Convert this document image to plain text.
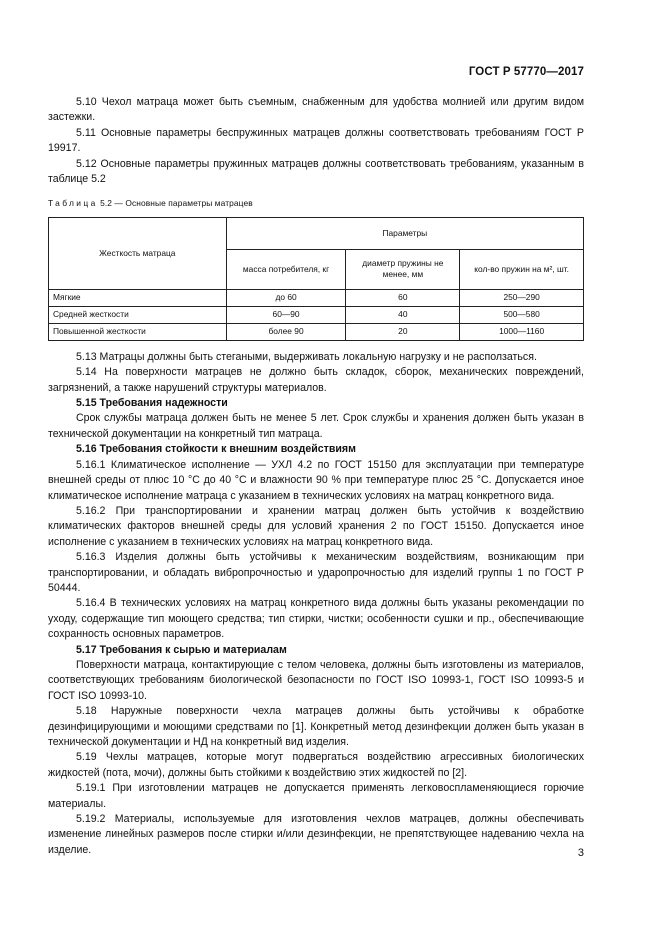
ГОСТ Р 57770—2017

5.10 Чехол матраца может быть съемным, снабженным для удобства молнией или другим видом застежки.

5.11 Основные параметры беспружинных матрацев должны соответствовать требованиям ГОСТ Р 19917.

5.12 Основные параметры пружинных матрацев должны соответствовать требованиям, указанным в таблице 5.2

Таблица 5.2 — Основные параметры матрацев
Жесткость матраца	Параметры		
	масса потребителя, кг	диаметр пружины не менее, мм	кол-во пружин на м², шт.
Мягкие	до 60	60	250—290
Средней жесткости	60—90	40	500—580
Повышенной жесткости	более 90	20	1000—1160

5.13 Матрацы должны быть стегаными, выдерживать локальную нагрузку и не расползаться.

5.14 На поверхности матрацев не должно быть складок, сборок, механических повреждений, загрязнений, а также нарушений структуры материалов.

5.15 Требования надежности

Срок службы матраца должен быть не менее 5 лет. Срок службы и хранения должен быть указан в технической документации на конкретный тип матраца.

5.16 Требования стойкости к внешним воздействиям

5.16.1 Климатическое исполнение — УХЛ 4.2 по ГОСТ 15150 для эксплуатации при температуре внешней среды от плюс 10 °С до 40 °С и влажности 90 % при температуре плюс 25 °С. Допускается иное климатическое исполнение матраца с указанием в технических условиях на матрац конкретного вида.

5.16.2 При транспортировании и хранении матрац должен быть устойчив к воздействию климатических факторов внешней среды для условий хранения 2 по ГОСТ 15150. Допускается иное исполнение с указанием в технических условиях на матрац конкретного вида.

5.16.3 Изделия должны быть устойчивы к механическим воздействиям, возникающим при транспортировании, и обладать вибропрочностью и ударопрочностью для изделий группы 1 по ГОСТ Р 50444.

5.16.4 В технических условиях на матрац конкретного вида должны быть указаны рекомендации по уходу, содержащие тип моющего средства; тип стирки, чистки; особенности сушки и пр., обеспечивающие сохранность основных параметров.

5.17 Требования к сырью и материалам

Поверхности матраца, контактирующие с телом человека, должны быть изготовлены из материалов, соответствующих требованиям биологической безопасности по ГОСТ ISO 10993-1, ГОСТ ISO 10993-5 и ГОСТ ISO 10993-10.

5.18 Наружные поверхности чехла матрацев должны быть устойчивы к обработке дезинфицирующими и моющими средствами по [1]. Конкретный метод дезинфекции должен быть указан в технической документации и НД на конкретный вид изделия.

5.19 Чехлы матрацев, которые могут подвергаться воздействию агрессивных биологических жидкостей (пота, мочи), должны быть стойкими к воздействию этих жидкостей по [2].

5.19.1 При изготовлении матрацев не допускается применять легковоспламеняющиеся горючие материалы.

5.19.2 Материалы, используемые для изготовления чехлов матрацев, должны обеспечивать изменение линейных размеров после стирки и/или дезинфекции, не препятствующее надеванию чехла на изделие.	3
